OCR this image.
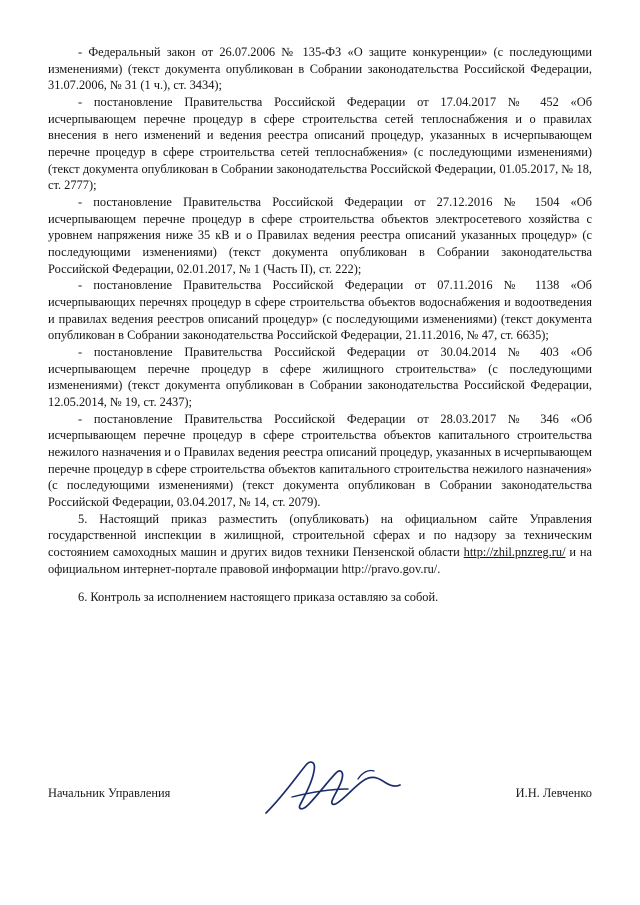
- Федеральный закон от 26.07.2006 № 135-ФЗ «О защите конкуренции» (с последующими изменениями) (текст документа опубликован в Собрании законодательства Российской Федерации, 31.07.2006, № 31 (1 ч.), ст. 3434);

- постановление Правительства Российской Федерации от 17.04.2017 № 452 «Об исчерпывающем перечне процедур в сфере строительства сетей теплоснабжения и о правилах внесения в него изменений и ведения реестра описаний процедур, указанных в исчерпывающем перечне процедур в сфере строительства сетей теплоснабжения» (с последующими изменениями) (текст документа опубликован в Собрании законодательства Российской Федерации, 01.05.2017, № 18, ст. 2777);

- постановление Правительства Российской Федерации от 27.12.2016 № 1504 «Об исчерпывающем перечне процедур в сфере строительства объектов электросетевого хозяйства с уровнем напряжения ниже 35 кВ и о Правилах ведения реестра описаний указанных процедур» (с последующими изменениями) (текст документа опубликован в Собрании законодательства Российской Федерации, 02.01.2017, № 1 (Часть II), ст. 222);

- постановление Правительства Российской Федерации от 07.11.2016 № 1138 «Об исчерпывающих перечнях процедур в сфере строительства объектов водоснабжения и водоотведения и правилах ведения реестров описаний процедур» (с последующими изменениями) (текст документа опубликован в Собрании законодательства Российской Федерации, 21.11.2016, № 47, ст. 6635);

- постановление Правительства Российской Федерации от 30.04.2014 № 403 «Об исчерпывающем перечне процедур в сфере жилищного строительства» (с последующими изменениями) (текст документа опубликован в Собрании законодательства Российской Федерации, 12.05.2014, № 19, ст. 2437);

- постановление Правительства Российской Федерации от 28.03.2017 № 346 «Об исчерпывающем перечне процедур в сфере строительства объектов капитального строительства нежилого назначения и о Правилах ведения реестра описаний процедур, указанных в исчерпывающем перечне процедур в сфере строительства объектов капитального строительства нежилого назначения» (с последующими изменениями) (текст документа опубликован в Собрании законодательства Российской Федерации, 03.04.2017, № 14, ст. 2079).

5. Настоящий приказ разместить (опубликовать) на официальном сайте Управления государственной инспекции в жилищной, строительной сферах и по надзору за техническим состоянием самоходных машин и других видов техники Пензенской области http://zhil.pnzreg.ru/ и на официальном интернет-портале правовой информации http://pravo.gov.ru/.

6. Контроль за исполнением настоящего приказа оставляю за собой.

Начальник Управления	И.Н. Левченко
